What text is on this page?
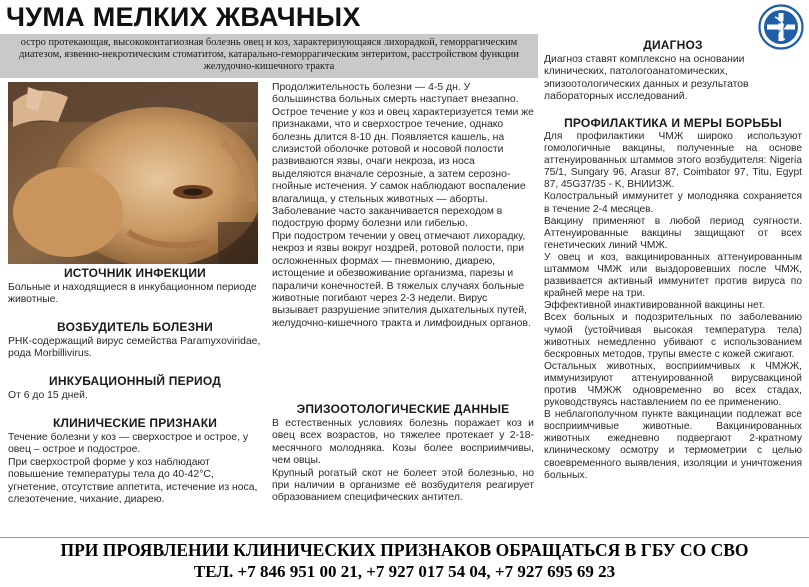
ЧУМА МЕЛКИХ ЖВАЧНЫХ
остро протекающая, высококонтагиозная болезнь овец и коз, характеризующаяся лихорадкой, геморрагическим диатезом, язвенно-некротическим стоматитом, катарально-геморрагическим энтеритом, расстройством функции желудочно-кишечного тракта
ИСТОЧНИК ИНФЕКЦИИ
Больные и находящиеся в инкубационном периоде животные.
ВОЗБУДИТЕЛЬ БОЛЕЗНИ
РНК-содержащий вирус семейства Paramyxoviridae, рода Morbillivirus.
ИНКУБАЦИОННЫЙ ПЕРИОД
От 6 до 15 дней.
КЛИНИЧЕСКИЕ ПРИЗНАКИ

Течение болезни у коз — сверхострое и острое, у овец – острое и подострое.

При сверхострой форме у коз наблюдают повышение температуры тела до 40-42°С, угнетение, отсутствие аппетита, истечение из носа, слезотечение, чихание, диарею.

Продолжительность болезни — 4-5 дн. У большинства больных смерть наступает внезапно.

Острое течение у коз и овец характеризуется теми же признаками, что и сверхострое течение, однако болезнь длится 8-10 дн. Появляется кашель, на слизистой оболочке ротовой и носовой полости развиваются язвы, очаги некроза, из носа выделяются вначале серозные, а затем серозно-гнойные истечения. У самок наблюдают воспаление влагалища, у стельных животных — аборты. Заболевание часто заканчивается переходом в подострую форму болезни или гибелью.

При подостром течении у овец отмечают лихорадку, некроз и язвы вокруг ноздрей, ротовой полости, при осложненных формах — пневмонию, диарею, истощение и обезвоживание организма, парезы и параличи конечностей. В тяжелых случаях больные животные погибают через 2-3 недели. Вирус вызывает разрушение эпителия дыхательных путей, желудочно-кишечного тракта и лимфоидных органов.

ЭПИЗООТОЛОГИЧЕСКИЕ ДАННЫЕ

В естественных условиях болезнь поражает коз и овец всех возрастов, но тяжелее протекает у 2-18-месячного молодняка. Козы более восприимчивы, чем овцы.

Крупный рогатый скот не болеет этой болезнью, но при наличии в организме её возбудителя реагирует образованием специфических антител.

ДИАГНОЗ
Диагноз ставят комплексно на основании клинических, патологоанатомических, эпизоотологических данных и результатов лабораторных исследований.
ПРОФИЛАКТИКА И МЕРЫ БОРЬБЫ

Для профилактики ЧМЖ широко используют гомологичные вакцины, полученные на основе аттенуированных штаммов этого возбудителя: Nigeria 75/1, Sungary 96, Arasur 87, Coimbator 97, Titu, Egypt 87, 45G37/35 - K, ВНИИЗЖ.

Колостральный иммунитет у молодняка сохраняется в течение 2-4 месяцев.

Вакцину применяют в любой период суягности. Аттенуированные вакцины защищают от всех генетических линий ЧМЖ.

У овец и коз, вакцинированных аттенуированным штаммом ЧМЖ или выздоровевших после ЧМЖ, развивается активный иммунитет против вируса по крайней мере на три.

Эффективной инактивированной вакцины нет.

Всех больных и подозрительных по заболеванию чумой (устойчивая высокая температура тела) животных немедленно убивают с использованием бескровных методов, трупы вместе с кожей сжигают.

Остальных животных, восприимчивых к ЧМЖЖ, иммунизируют аттенуированной вирусвакциной против ЧМЖЖ одновременно во всех стадах, руководствуясь наставлением по ее применению.

В неблагополучном пункте вакцинации подлежат все восприимчивые животные. Вакцинированных животных ежедневно подвергают 2-кратному клиническому осмотру и термометрии с целью своевременного выявления, изоляции и уничтожения больных.

ПРИ ПРОЯВЛЕНИИ КЛИНИЧЕСКИХ ПРИЗНАКОВ ОБРАЩАТЬСЯ В ГБУ СО СВО
ТЕЛ. +7 846 951 00 21, +7 927 017 54 04, +7 927 695 69 23
